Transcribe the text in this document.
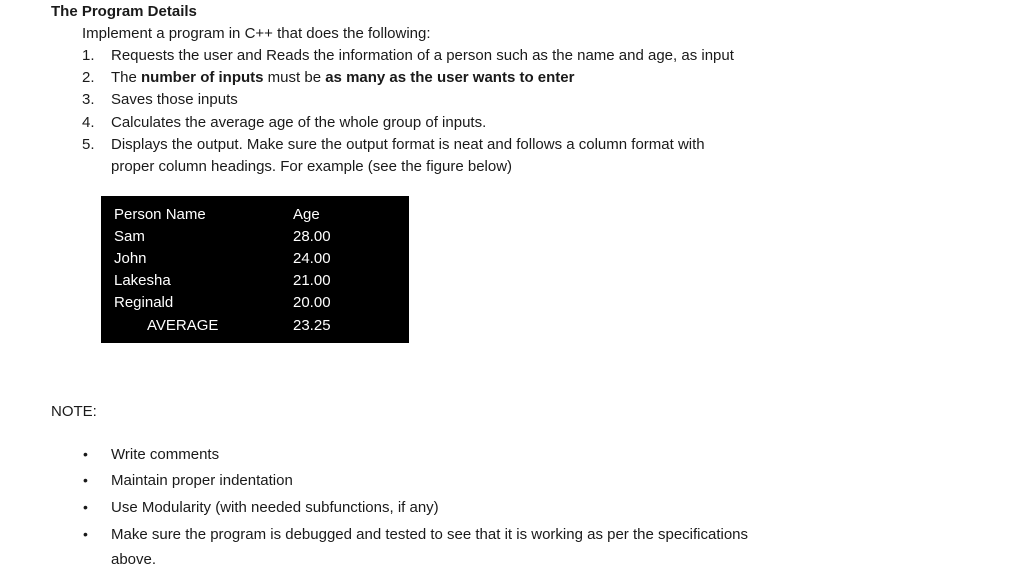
The Program Details
Implement a program in C++ that does the following:
1. Requests the user and Reads the information of a person such as the name and age, as input
2. The number of inputs must be as many as the user wants to enter
3. Saves those inputs
4. Calculates the average age of the whole group of inputs.
5. Displays the output. Make sure the output format is neat and follows a column format with
proper column headings. For example (see the figure below)
Person Name	Age
Sam	28.00
John	24.00
Lakesha	21.00
Reginald	20.00
AVERAGE	23.25
NOTE:
• Write comments
• Maintain proper indentation
• Use Modularity (with needed subfunctions, if any)
• Make sure the program is debugged and tested to see that it is working as per the specifications
above.
